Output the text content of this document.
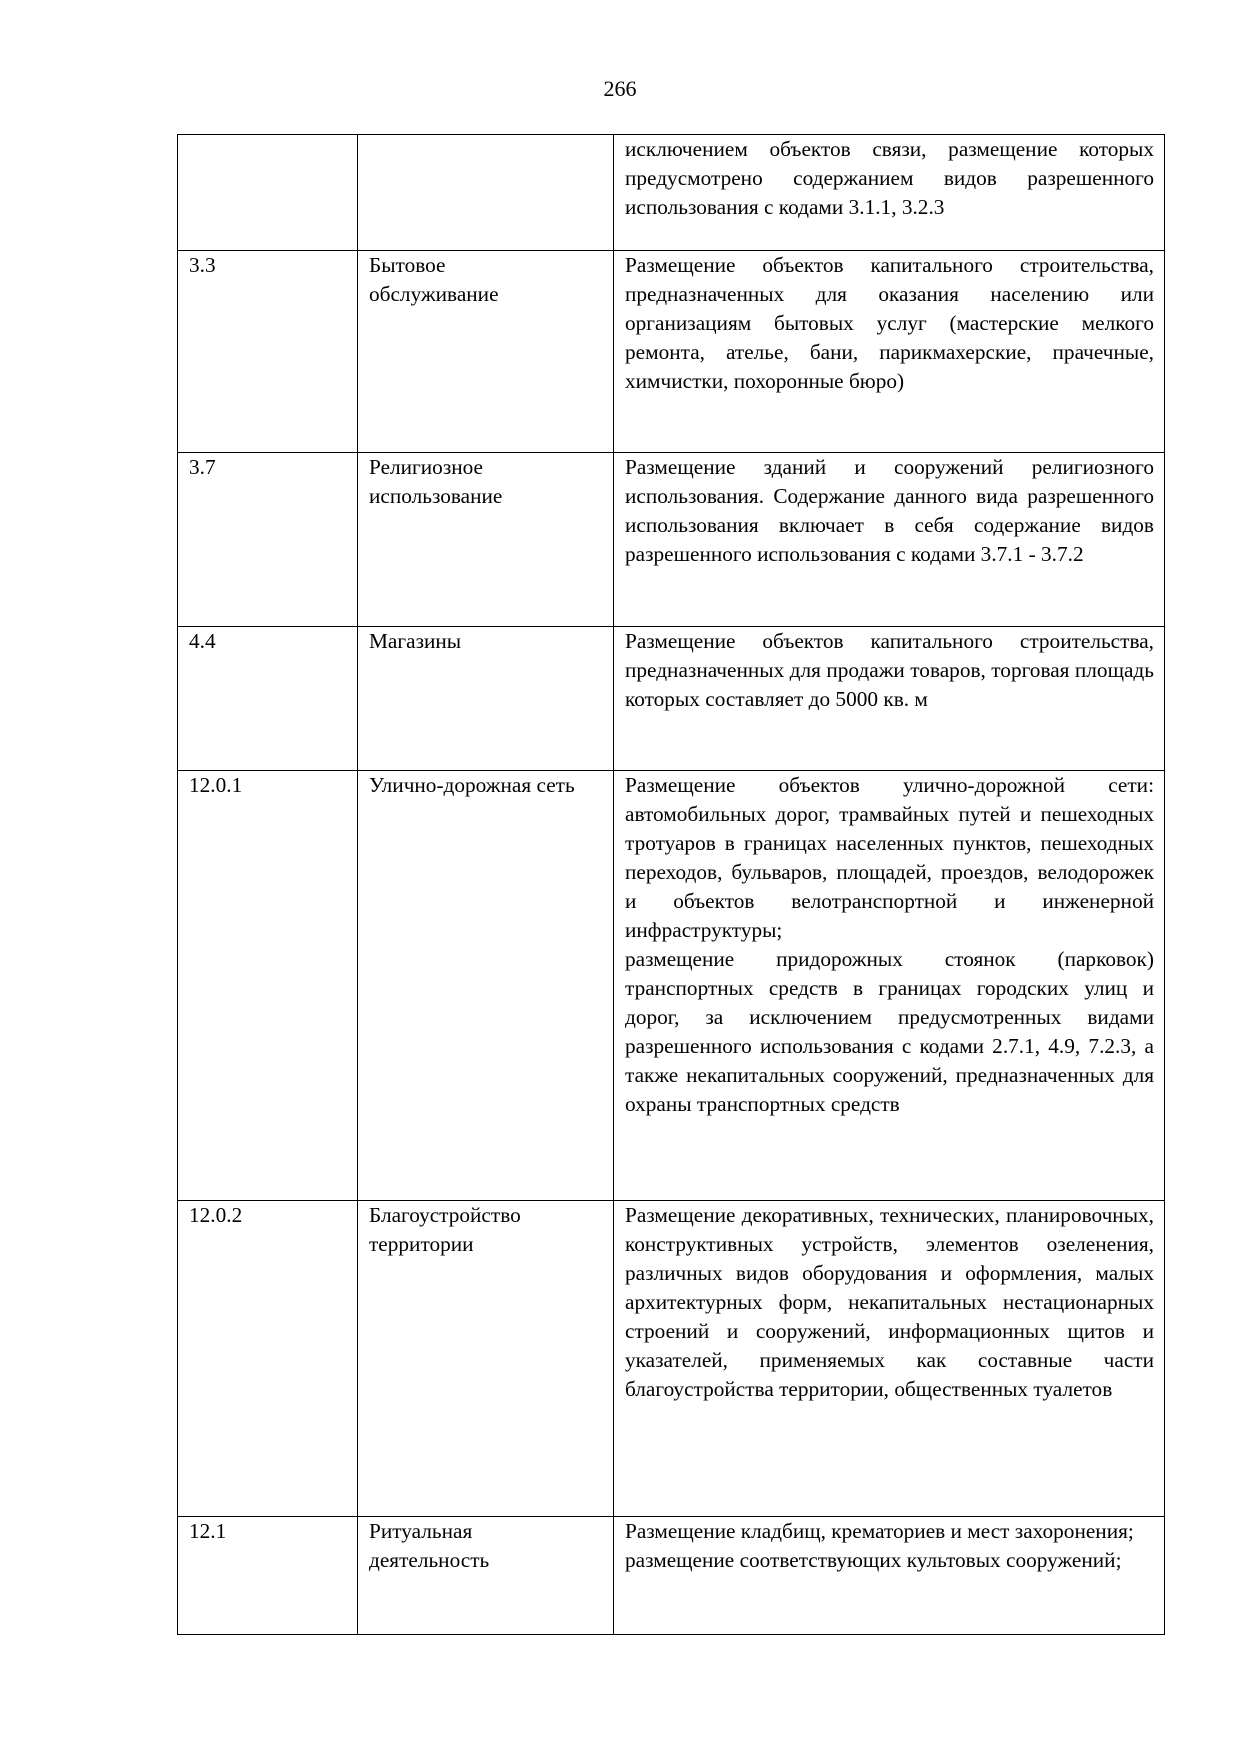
266

		исключением объектов связи, размещение которых предусмотрено содержанием видов разрешенного использования с кодами 3.1.1, 3.2.3

3.3	Бытовое обслуживание	Размещение объектов капитального строительства, предназначенных для оказания населению или организациям бытовых услуг (мастерские мелкого ремонта, ателье, бани, парикмахерские, прачечные, химчистки, похоронные бюро)

3.7	Религиозное использование	Размещение зданий и сооружений религиозного использования. Содержание данного вида разрешенного использования включает в себя содержание видов разрешенного использования с кодами 3.7.1 - 3.7.2

4.4	Магазины	Размещение объектов капитального строительства, предназначенных для продажи товаров, торговая площадь которых составляет до 5000 кв. м

12.0.1	Улично-дорожная сеть	Размещение объектов улично-дорожной сети: автомобильных дорог, трамвайных путей и пешеходных тротуаров в границах населенных пунктов, пешеходных переходов, бульваров, площадей, проездов, велодорожек и объектов велотранспортной и инженерной инфраструктуры;
размещение придорожных стоянок (парковок) транспортных средств в границах городских улиц и дорог, за исключением предусмотренных видами разрешенного использования с кодами 2.7.1, 4.9, 7.2.3, а также некапитальных сооружений, предназначенных для охраны транспортных средств

12.0.2	Благоустройство территории	Размещение декоративных, технических, планировочных, конструктивных устройств, элементов озеленения, различных видов оборудования и оформления, малых архитектурных форм, некапитальных нестационарных строений и сооружений, информационных щитов и указателей, применяемых как составные части благоустройства территории, общественных туалетов

12.1	Ритуальная деятельность	Размещение кладбищ, крематориев и мест захоронения;
размещение соответствующих культовых сооружений;
